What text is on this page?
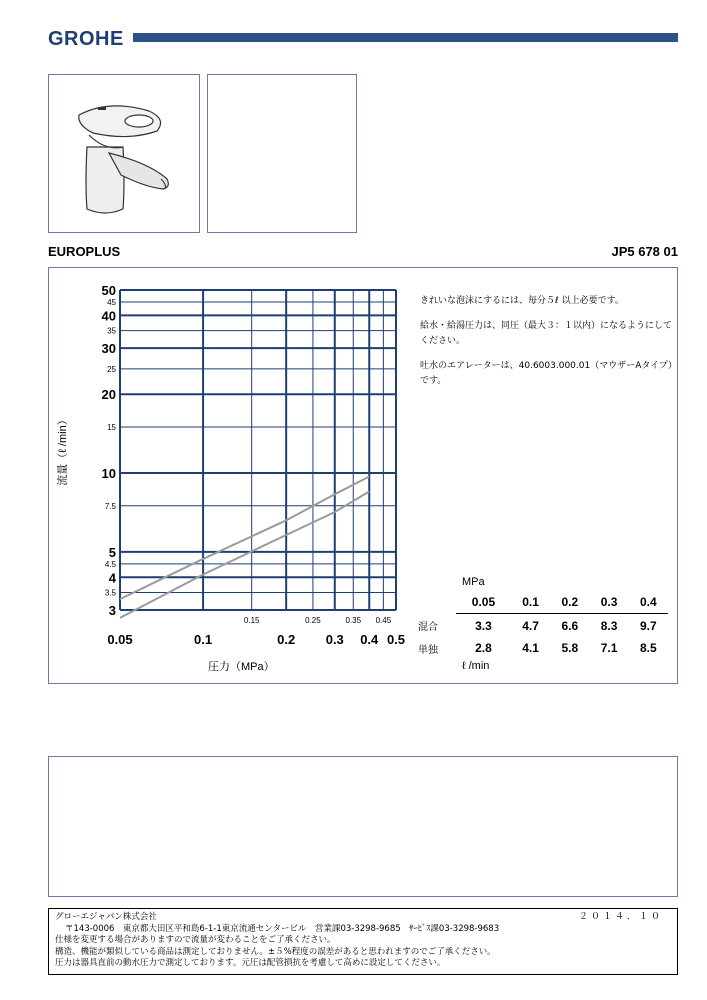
GROHE
EUROPLUS	JP5 678 01
0.15	0.25	0.35 0.45
3.5
4.5
7.5
15
25
35
45
0.05	0.1	0.2 0.3 0.4 0.5
3
4
5
10
20
30
40
50
圧力（MPa）
流量（ℓ /min）

きれいな泡沫にするには、毎分５ℓ 以上必要です。

給水・給湯圧力は、同圧（最大３：１以内）になるようにしてください。

吐水のエアレーターは、40.6003.000.01（マウザーAタイプ）です。

MPa
	0.05	0.1	0.2	0.3	0.4
混合	3.3	4.7	6.6	8.3	9.7
単独	2.8	4.1	5.8	7.1	8.5
ℓ /min
グローエジャパン株式会社	２０１４．１０
〒143-0006　東京都大田区平和島6-1-1東京流通センタービル　営業課03-3298-9685　ｻｰﾋﾞｽ課03-3298-9683
仕様を変更する場合がありますので流量が変わることをご了承ください。
構造、機能が類似している商品は測定しておりません。±５%程度の誤差があると思われますのでご了承ください。
圧力は器具直前の動水圧力で測定しております。元圧は配管損抗を考慮して高めに設定してください。
